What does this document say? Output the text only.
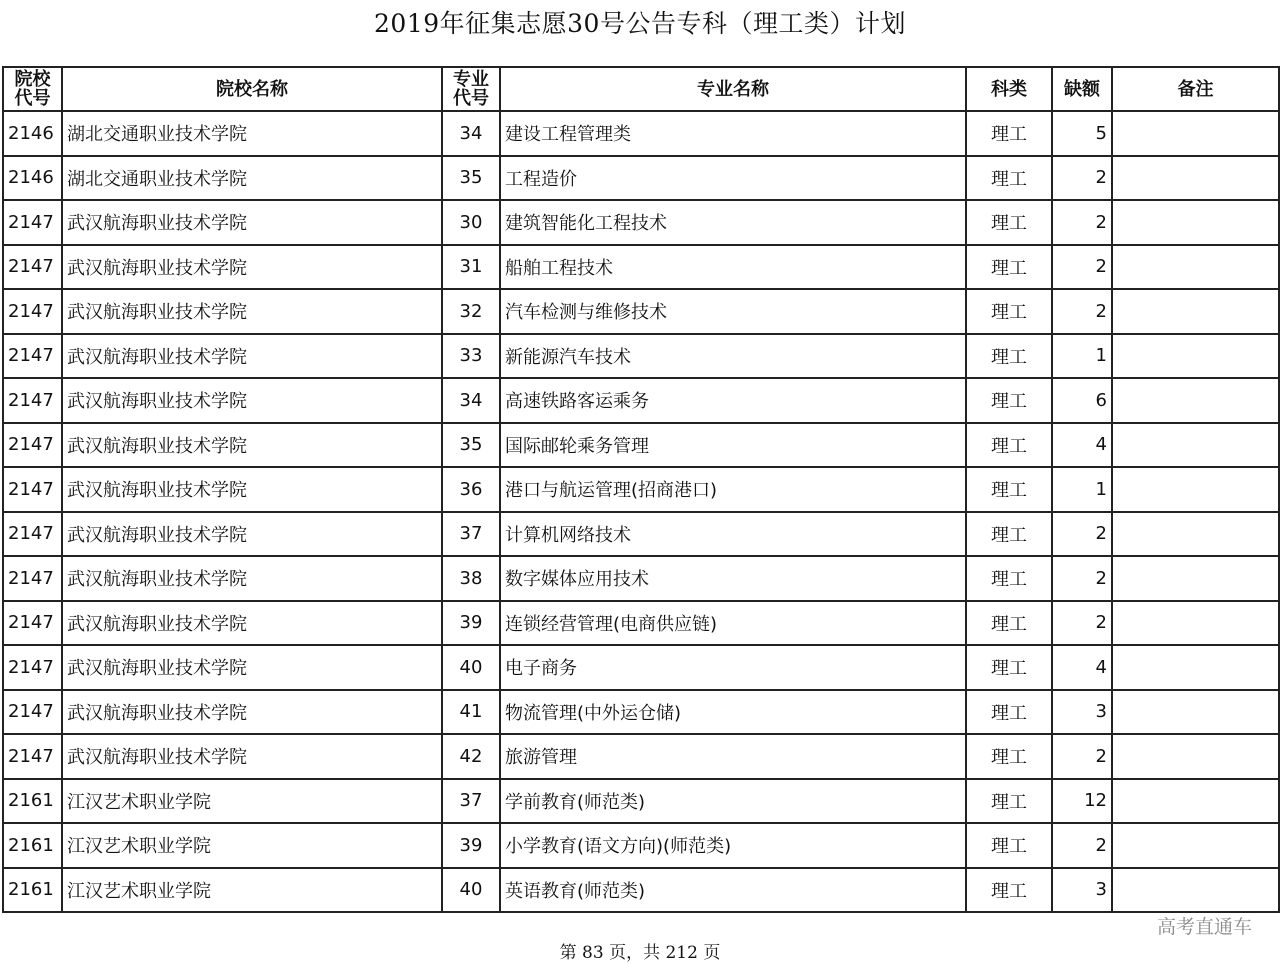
2019年征集志愿30号公告专科（理工类）计划
院校代号	院校名称	专业代号	专业名称	科类	缺额	备注
2146	湖北交通职业技术学院	34	建设工程管理类	理工	5	
2146	湖北交通职业技术学院	35	工程造价	理工	2	
2147	武汉航海职业技术学院	30	建筑智能化工程技术	理工	2	
2147	武汉航海职业技术学院	31	船舶工程技术	理工	2	
2147	武汉航海职业技术学院	32	汽车检测与维修技术	理工	2	
2147	武汉航海职业技术学院	33	新能源汽车技术	理工	1	
2147	武汉航海职业技术学院	34	高速铁路客运乘务	理工	6	
2147	武汉航海职业技术学院	35	国际邮轮乘务管理	理工	4	
2147	武汉航海职业技术学院	36	港口与航运管理(招商港口)	理工	1	
2147	武汉航海职业技术学院	37	计算机网络技术	理工	2	
2147	武汉航海职业技术学院	38	数字媒体应用技术	理工	2	
2147	武汉航海职业技术学院	39	连锁经营管理(电商供应链)	理工	2	
2147	武汉航海职业技术学院	40	电子商务	理工	4	
2147	武汉航海职业技术学院	41	物流管理(中外运仓储)	理工	3	
2147	武汉航海职业技术学院	42	旅游管理	理工	2	
2161	江汉艺术职业学院	37	学前教育(师范类)	理工	12	
2161	江汉艺术职业学院	39	小学教育(语文方向)(师范类)	理工	2	
2161	江汉艺术职业学院	40	英语教育(师范类)	理工	3	
高考直通车
第 83 页，共 212 页
